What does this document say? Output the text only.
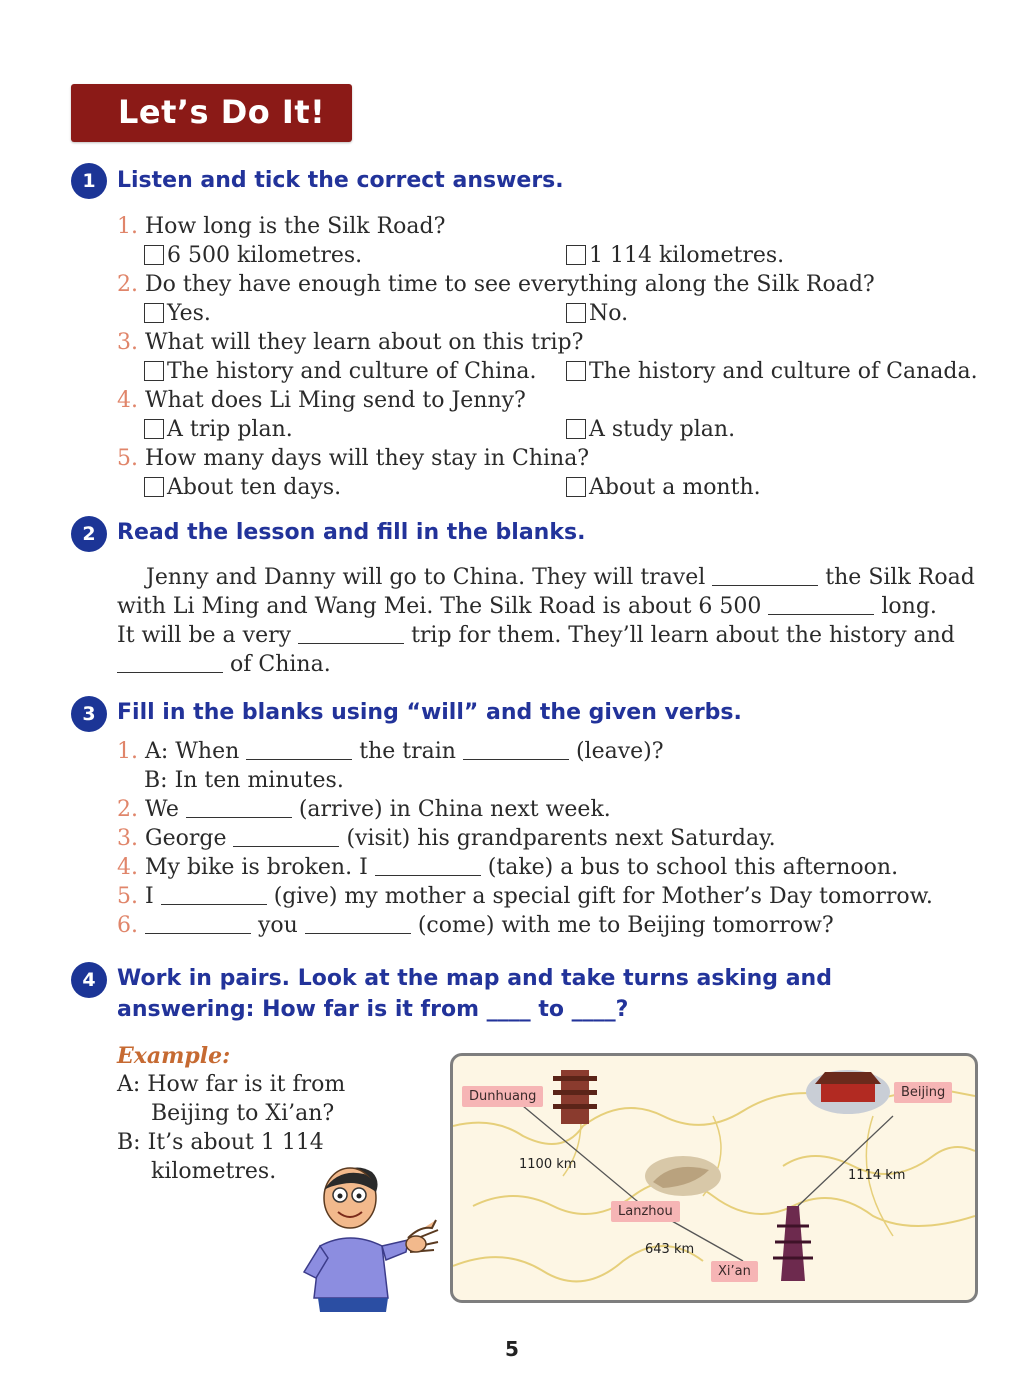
Let’s Do It!
1 Listen and tick the correct answers.
1. How long is the Silk Road?
6 500 kilometres.	1 114 kilometres.
2. Do they have enough time to see everything along the Silk Road?
Yes.	No.
3. What will they learn about on this trip?
The history and culture of China.	The history and culture of Canada.
4. What does Li Ming send to Jenny?
A trip plan.	A study plan.
5. How many days will they stay in China?
About ten days.	About a month.
2 Read the lesson and fill in the blanks.
Jenny and Danny will go to China. They will travel	the Silk Road
with Li Ming and Wang Mei. The Silk Road is about 6 500	long.
It will be a very	trip for them. They’ll learn about the history and
of China.
3 Fill in the blanks using “will” and the given verbs.
1. A: When	the train	(leave)?
B: In ten minutes.
2. We	(arrive) in China next week.
3. George	(visit) his grandparents next Saturday.
4. My bike is broken. I	(take) a bus to school this afternoon.
5. I	(give) my mother a special gift for Mother’s Day tomorrow.
6.	you	(come) with me to Beijing tomorrow?
4 Work in pairs. Look at the map and take turns asking and
answering: How far is it from ____ to ____?
Example:
A: How far is it from
Beijing to Xi’an?
B: It’s about 1 114
kilometres.
Dunhuang	Beijing
Lanzhou
Xi’an
1100 km
1114 km
643 km
5
